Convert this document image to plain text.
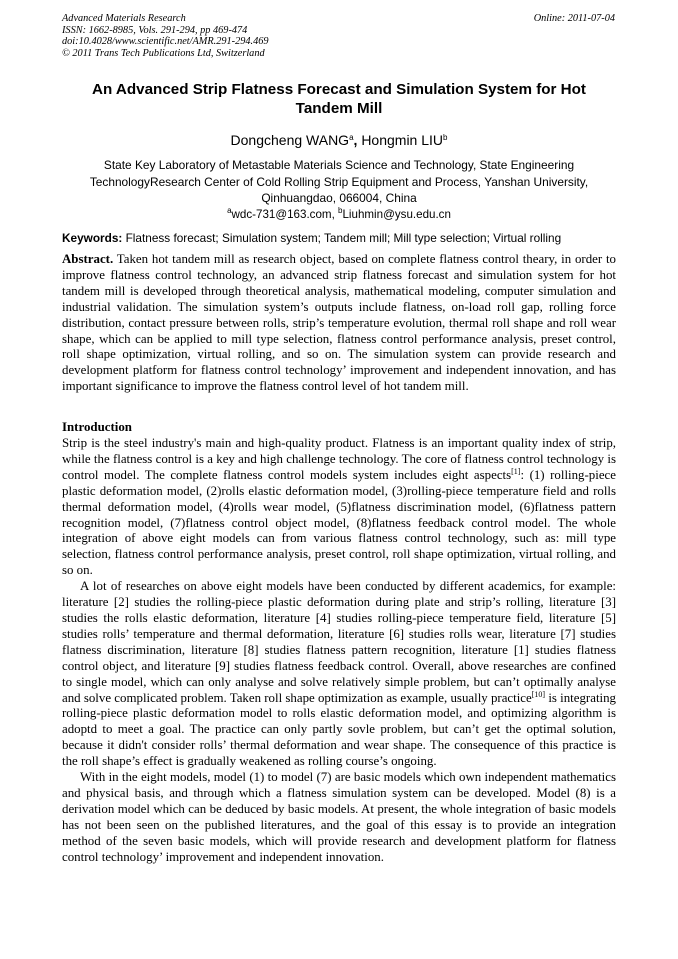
Advanced Materials Research
ISSN: 1662-8985, Vols. 291-294, pp 469-474
doi:10.4028/www.scientific.net/AMR.291-294.469
© 2011 Trans Tech Publications Ltd, Switzerland
Online: 2011-07-04
An Advanced Strip Flatness Forecast and Simulation System for Hot Tandem Mill
Dongcheng WANG$^a$, Hongmin LIU$^b$
State Key Laboratory of Metastable Materials Science and Technology, State Engineering TechnologyResearch Center of Cold Rolling Strip Equipment and Process, Yanshan University, Qinhuangdao, 066004, China
$^a$wdc-731@163.com, $^b$Liuhmin@ysu.edu.cn
Keywords: Flatness forecast; Simulation system; Tandem mill; Mill type selection; Virtual rolling
Abstract. Taken hot tandem mill as research object, based on complete flatness control theary, in order to improve flatness control technology, an advanced strip flatness forecast and simulation system for hot tandem mill is developed through theoretical analysis, mathematical modeling, computer simulation and industrial validation. The simulation system’s outputs include flatness, on-load roll gap, rolling force distribution, contact pressure between rolls, strip’s temperature evolution, thermal roll shape and roll wear shape, which can be applied to mill type selection, flatness control performance analysis, preset control, roll shape optimization, virtual rolling, and so on. The simulation system can provide research and development platform for flatness control technology’ improvement and independent innovation, and has important significance to improve the flatness control level of hot tandem mill.
Introduction

Strip is the steel industry's main and high-quality product. Flatness is an important quality index of strip, while the flatness control is a key and high challenge technology. The core of flatness control technology is control model. The complete flatness control models system includes eight aspects[1]: (1) rolling-piece plastic deformation model, (2)rolls elastic deformation model, (3)rolling-piece temperature field and rolls thermal deformation model, (4)rolls wear model, (5)flatness discrimination model, (6)flatness pattern recognition model, (7)flatness control object model, (8)flatness feedback control model. The whole integration of above eight models can from various flatness control technology, such as: mill type selection, flatness control performance analysis, preset control, roll shape optimization, virtual rolling, and so on.

A lot of researches on above eight models have been conducted by different academics, for example: literature [2] studies the rolling-piece plastic deformation during plate and strip’s rolling, literature [3] studies the rolls elastic deformation, literature [4] studies rolling-piece temperature field, literature [5] studies rolls’ temperature and thermal deformation, literature [6] studies rolls wear, literature [7] studies flatness discrimination, literature [8] studies flatness pattern recognition, literature [1] studies flatness control object, and literature [9] studies flatness feedback control. Overall, above researches are confined to single model, which can only analyse and solve relatively simple problem, but can’t optimally analyse and solve complicated problem. Taken roll shape optimization as example, usually practice[10] is integrating rolling-piece plastic deformation model to rolls elastic deformation model, and optimizing algorithm is adoptd to meet a goal. The practice can only partly sovle problem, but can’t get the optimal solution, because it didn't consider rolls’ thermal deformation and wear shape. The consequence of this practice is the roll shape’s effect is gradually weakened as rolling course’s ongoing.

With in the eight models, model (1) to model (7) are basic models which own independent mathematics and physical basis, and through which a flatness simulation system can be developed. Model (8) is a derivation model which can be deduced by basic models. At present, the whole integration of basic models has not been seen on the published literatures, and the goal of this essay is to provide an integration method of the seven basic models, which will provide research and development platform for flatness control technology’ improvement and independent innovation.
